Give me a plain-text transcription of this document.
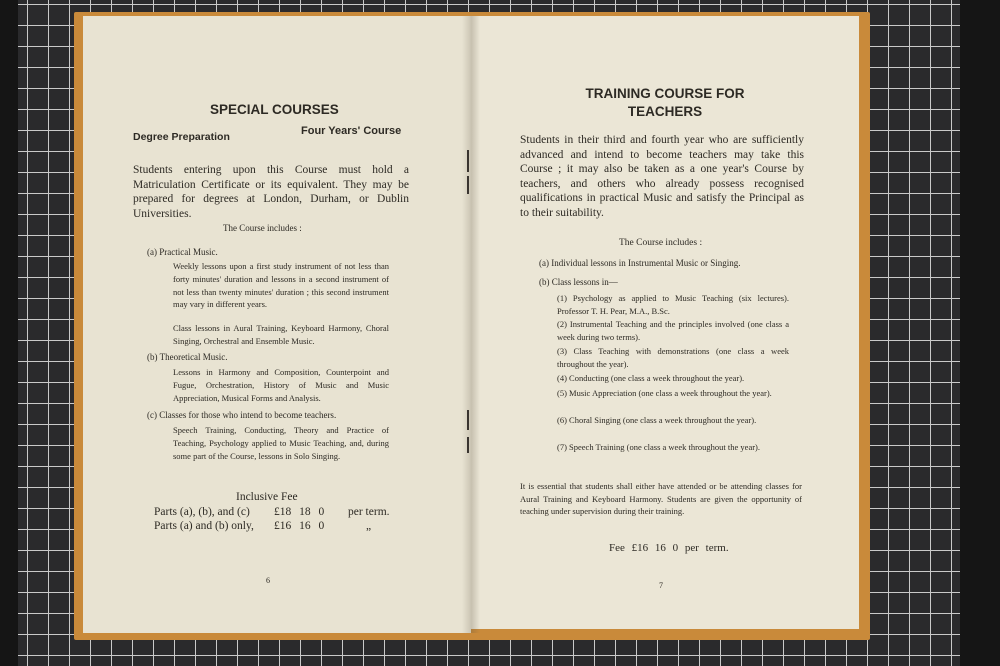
SPECIAL COURSES
Degree Preparation	Four Years' Course
Students entering upon this Course must hold a Matriculation Certificate or its equivalent. They may be prepared for degrees at London, Durham, or Dublin Universities.
The Course includes :
(a) Practical Music.
Weekly lessons upon a first study instrument of not less than forty minutes' duration and lessons in a second instrument of not less than twenty minutes' duration ; this second instrument may vary in different years.
Class lessons in Aural Training, Keyboard Harmony, Choral Singing, Orchestral and Ensemble Music.
(b) Theoretical Music.
Lessons in Harmony and Composition, Counterpoint and Fugue, Orchestration, History of Music and Music Appreciation, Musical Forms and Analysis.
(c) Classes for those who intend to become teachers.
Speech Training, Conducting, Theory and Practice of Teaching, Psychology applied to Music Teaching, and, during some part of the Course, lessons in Solo Singing.
Inclusive Fee
Parts (a), (b), and (c)	£18 18 0	per term.
Parts (a) and (b) only,	£16 16 0	„
6
TRAINING COURSE FOR
TEACHERS
Students in their third and fourth year who are sufficiently advanced and intend to become teachers may take this Course ; it may also be taken as a one year's Course by teachers, and others who already possess recognised qualifications in practical Music and satisfy the Principal as to their suitability.
The Course includes :
(a) Individual lessons in Instrumental Music or Singing.
(b) Class lessons in—
(1) Psychology as applied to Music Teaching (six lectures). Professor T. H. Pear, M.A., B.Sc.
(2) Instrumental Teaching and the principles involved (one class a week during two terms).
(3) Class Teaching with demonstrations (one class a week throughout the year).
(4) Conducting (one class a week throughout the year).
(5) Music Appreciation (one class a week throughout the year).
(6) Choral Singing (one class a week throughout the year).
(7) Speech Training (one class a week throughout the year).
It is essential that students shall either have attended or be attending classes for Aural Training and Keyboard Harmony. Students are given the opportunity of teaching under supervision during their training.
Fee £16 16 0 per term.
7
